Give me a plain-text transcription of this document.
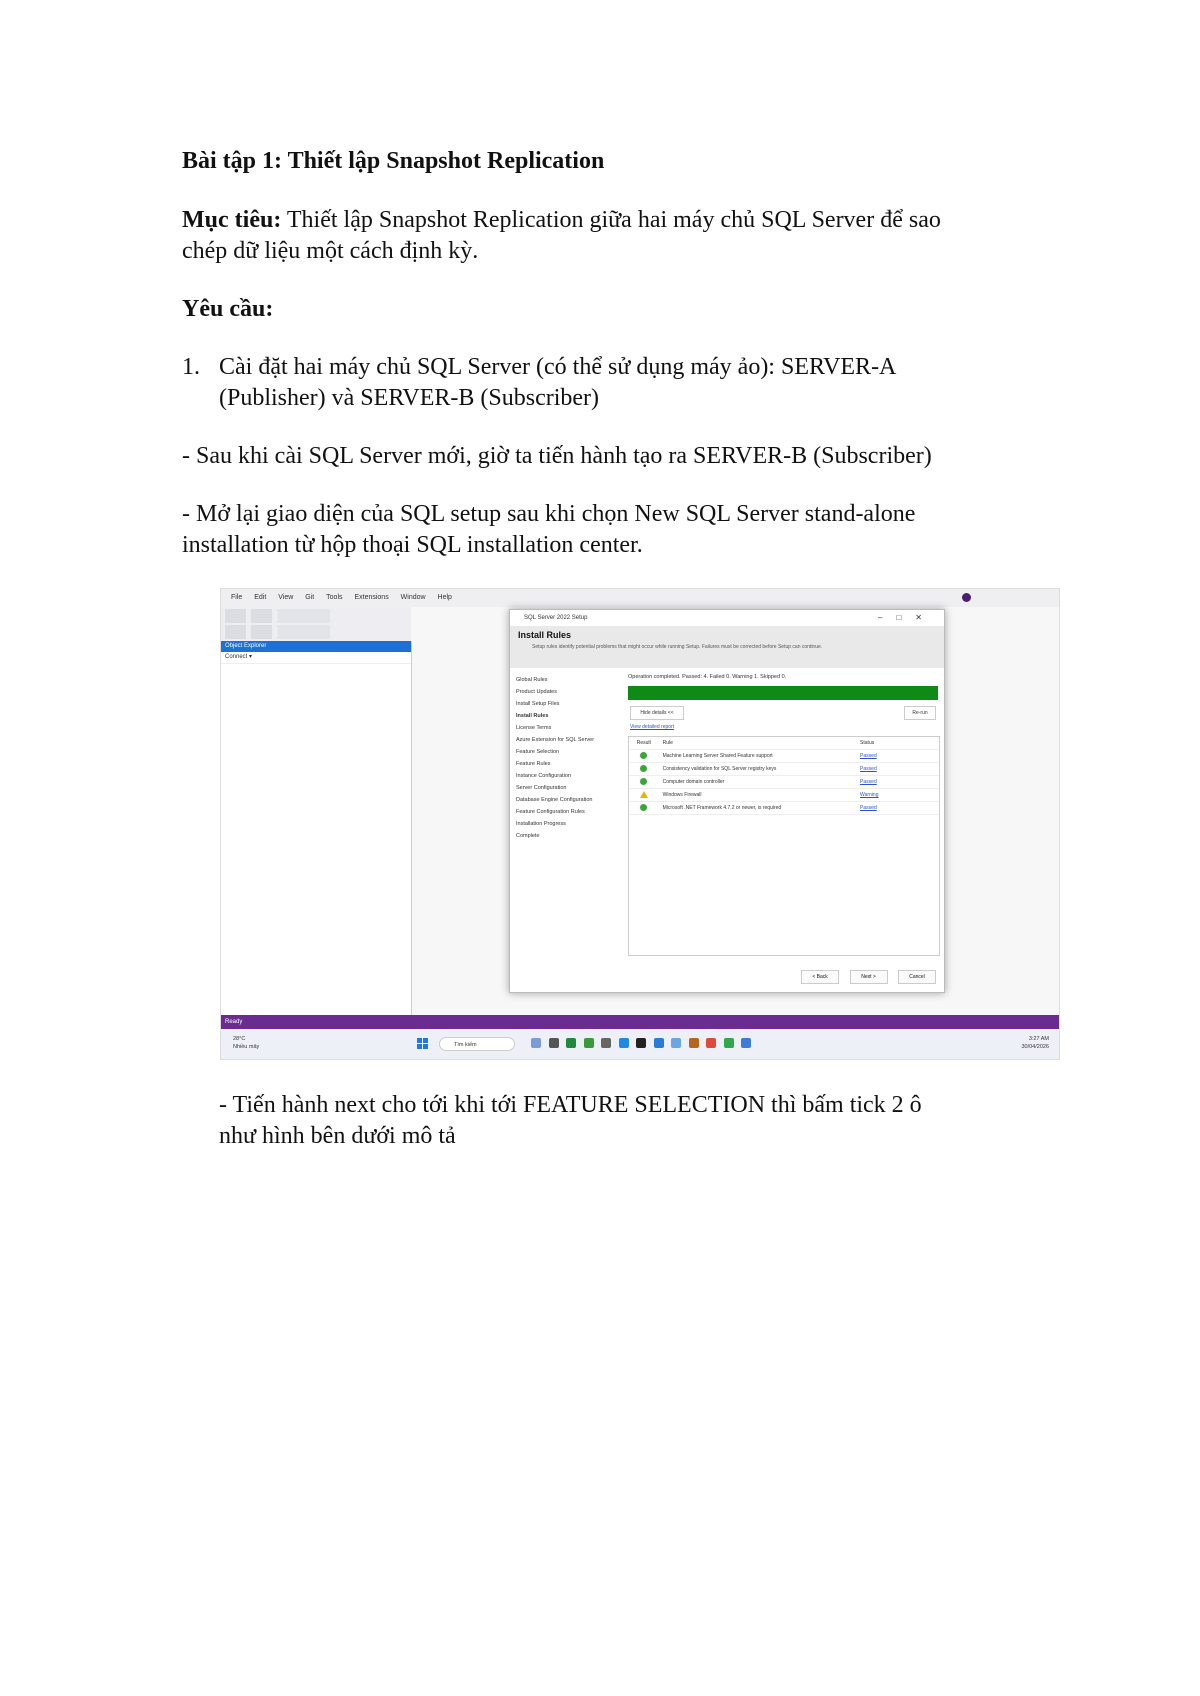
Bài tập 1: Thiết lập Snapshot Replication

Mục tiêu: Thiết lập Snapshot Replication giữa hai máy chủ SQL Server để sao

chép dữ liệu một cách định kỳ.

Yêu cầu:

1. Cài đặt hai máy chủ SQL Server (có thể sử dụng máy ảo): SERVER-A

(Publisher) và SERVER-B (Subscriber)

- Sau khi cài SQL Server mới, giờ ta tiến hành tạo ra SERVER-B (Subscriber)

- Mở lại giao diện của SQL setup sau khi chọn New SQL Server stand-alone

installation từ hộp thoại SQL installation center.

- Tiến hành next cho tới khi tới FEATURE SELECTION thì bấm tick 2 ô

như hình bên dưới mô tả

File Edit View Git Tools Extensions Window Help
Object Explorer
Connect ▾
SQL Server 2022 Setup	–□✕
Install Rules

Setup rules identify potential problems that might occur while running Setup. Failures must be corrected before Setup can continue.

Global Rules
Product Updates
Install Setup Files
Install Rules
License Terms
Azure Extension for SQL Server
Feature Selection
Feature Rules
Instance Configuration
Server Configuration
Database Engine Configuration
Feature Configuration Rules
Installation Progress
Complete
Operation completed. Passed: 4. Failed 0. Warning 1. Skipped 0.
Hide details <<	Re-run
View detailed report
Result	Rule	Status
Machine Learning Server Shared Feature support	Passed
Consistency validation for SQL Server registry keys	Passed
Computer domain controller	Passed
Windows Firewall	Warning
Microsoft .NET Framework 4.7.2 or newer, is required	Passed
< Back	Next >	Cancel
Ready
28°C
Nhiều mây	Tìm kiếm

3:27 AM
30/04/2026
